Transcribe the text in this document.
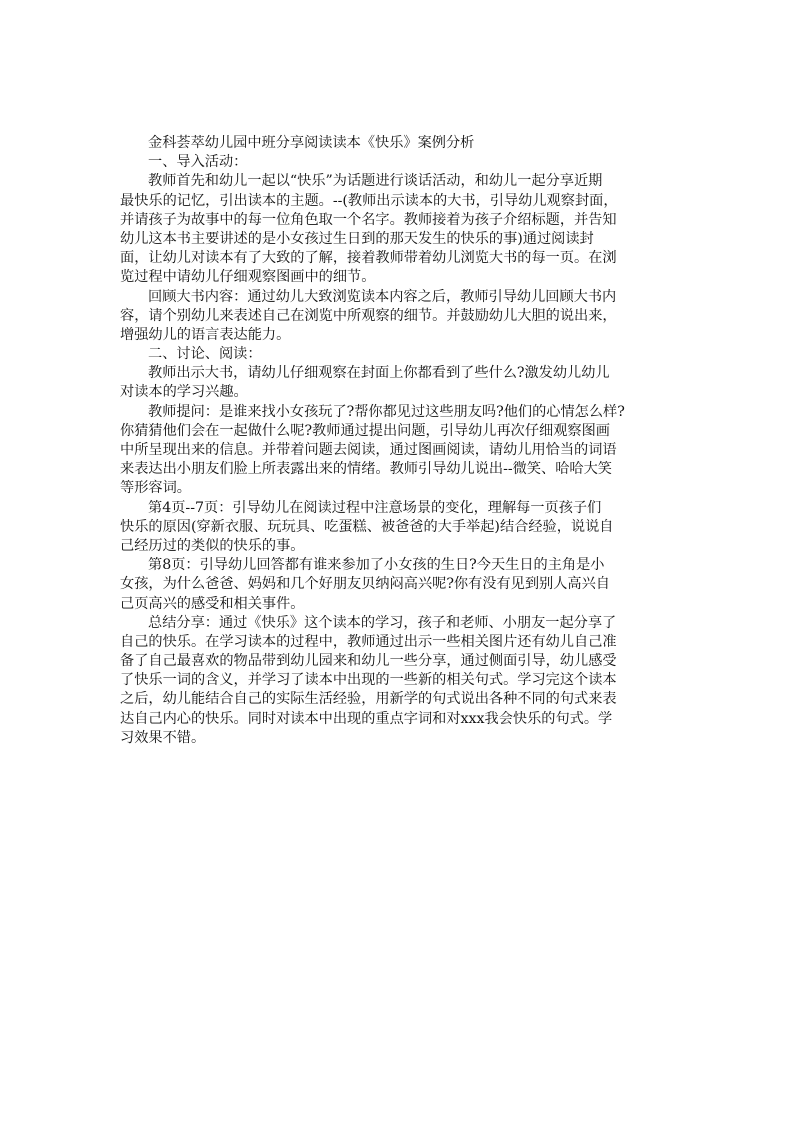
金科荟萃幼儿园中班分享阅读读本《快乐》案例分析
一、导入活动：
教师首先和幼儿一起以“快乐”为话题进行谈话活动，和幼儿一起分享近期
最快乐的记忆，引出读本的主题。--(教师出示读本的大书，引导幼儿观察封面，
并请孩子为故事中的每一位角色取一个名字。教师接着为孩子介绍标题，并告知
幼儿这本书主要讲述的是小女孩过生日到的那天发生的快乐的事)通过阅读封
面，让幼儿对读本有了大致的了解，接着教师带着幼儿浏览大书的每一页。在浏
览过程中请幼儿仔细观察图画中的细节。
回顾大书内容：通过幼儿大致浏览读本内容之后，教师引导幼儿回顾大书内
容，请个别幼儿来表述自己在浏览中所观察的细节。并鼓励幼儿大胆的说出来，
增强幼儿的语言表达能力。
二、讨论、阅读：
教师出示大书，请幼儿仔细观察在封面上你都看到了些什么?激发幼儿幼儿
对读本的学习兴趣。
教师提问：是谁来找小女孩玩了?帮你都见过这些朋友吗?他们的心情怎么样?
你猜猜他们会在一起做什么呢?教师通过提出问题，引导幼儿再次仔细观察图画
中所呈现出来的信息。并带着问题去阅读，通过图画阅读，请幼儿用恰当的词语
来表达出小朋友们脸上所表露出来的情绪。教师引导幼儿说出--微笑、哈哈大笑
等形容词。
第4页--7页：引导幼儿在阅读过程中注意场景的变化，理解每一页孩子们
快乐的原因(穿新衣服、玩玩具、吃蛋糕、被爸爸的大手举起)结合经验，说说自
己经历过的类似的快乐的事。
第8页：引导幼儿回答都有谁来参加了小女孩的生日?今天生日的主角是小
女孩，为什么爸爸、妈妈和几个好朋友贝纳闷高兴呢?你有没有见到别人高兴自
己页高兴的感受和相关事件。
总结分享：通过《快乐》这个读本的学习，孩子和老师、小朋友一起分享了
自己的快乐。在学习读本的过程中，教师通过出示一些相关图片还有幼儿自己准
备了自己最喜欢的物品带到幼儿园来和幼儿一些分享，通过侧面引导，幼儿感受
了快乐一词的含义，并学习了读本中出现的一些新的相关句式。学习完这个读本
之后，幼儿能结合自己的实际生活经验，用新学的句式说出各种不同的句式来表
达自己内心的快乐。同时对读本中出现的重点字词和对xxx我会快乐的句式。学
习效果不错。
